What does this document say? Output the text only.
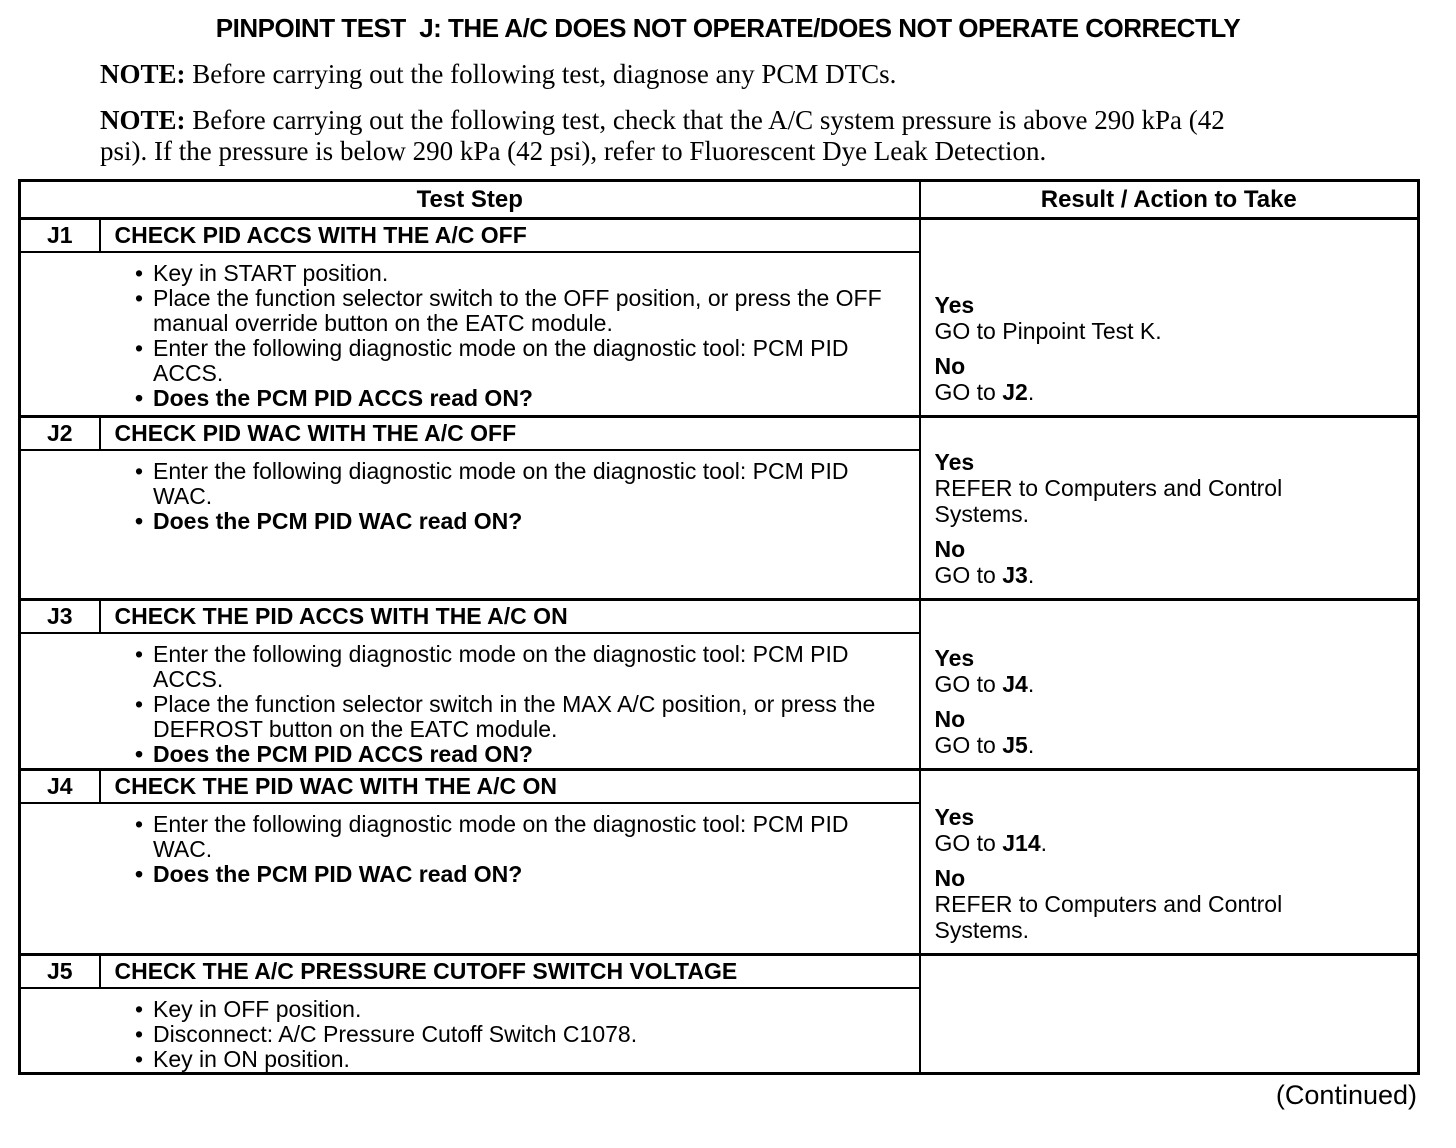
PINPOINT TEST  J: THE A/C DOES NOT OPERATE/DOES NOT OPERATE CORRECTLY

NOTE: Before carrying out the following test, diagnose any PCM DTCs.

NOTE: Before carrying out the following test, check that the A/C system pressure is above 290 kPa (42 psi). If the pressure is below 290 kPa (42 psi), refer to Fluorescent Dye Leak Detection.

Test Step		Result / Action to Take
J1	CHECK PID ACCS WITH THE A/C OFF	Yes
GO to Pinpoint Test K.
No
GO to J2.

• Key in START position.
• Place the function selector switch to the OFF position, or press the OFF manual override button on the EATC module.
• Enter the following diagnostic mode on the diagnostic tool: PCM PID ACCS.
• Does the PCM PID ACCS read ON?

J2	CHECK PID WAC WITH THE A/C OFF	Yes
REFER to Computers and Control Systems.
No
GO to J3.

• Enter the following diagnostic mode on the diagnostic tool: PCM PID WAC.
• Does the PCM PID WAC read ON?

J3	CHECK THE PID ACCS WITH THE A/C ON	Yes
GO to J4.
No
GO to J5.

• Enter the following diagnostic mode on the diagnostic tool: PCM PID ACCS.
• Place the function selector switch in the MAX A/C position, or press the DEFROST button on the EATC module.
• Does the PCM PID ACCS read ON?

J4	CHECK THE PID WAC WITH THE A/C ON	Yes
GO to J14.
No
REFER to Computers and Control Systems.

• Enter the following diagnostic mode on the diagnostic tool: PCM PID WAC.
• Does the PCM PID WAC read ON?

J5	CHECK THE A/C PRESSURE CUTOFF SWITCH VOLTAGE	

• Key in OFF position.
• Disconnect: A/C Pressure Cutoff Switch C1078.
• Key in ON position.
(Continued)
